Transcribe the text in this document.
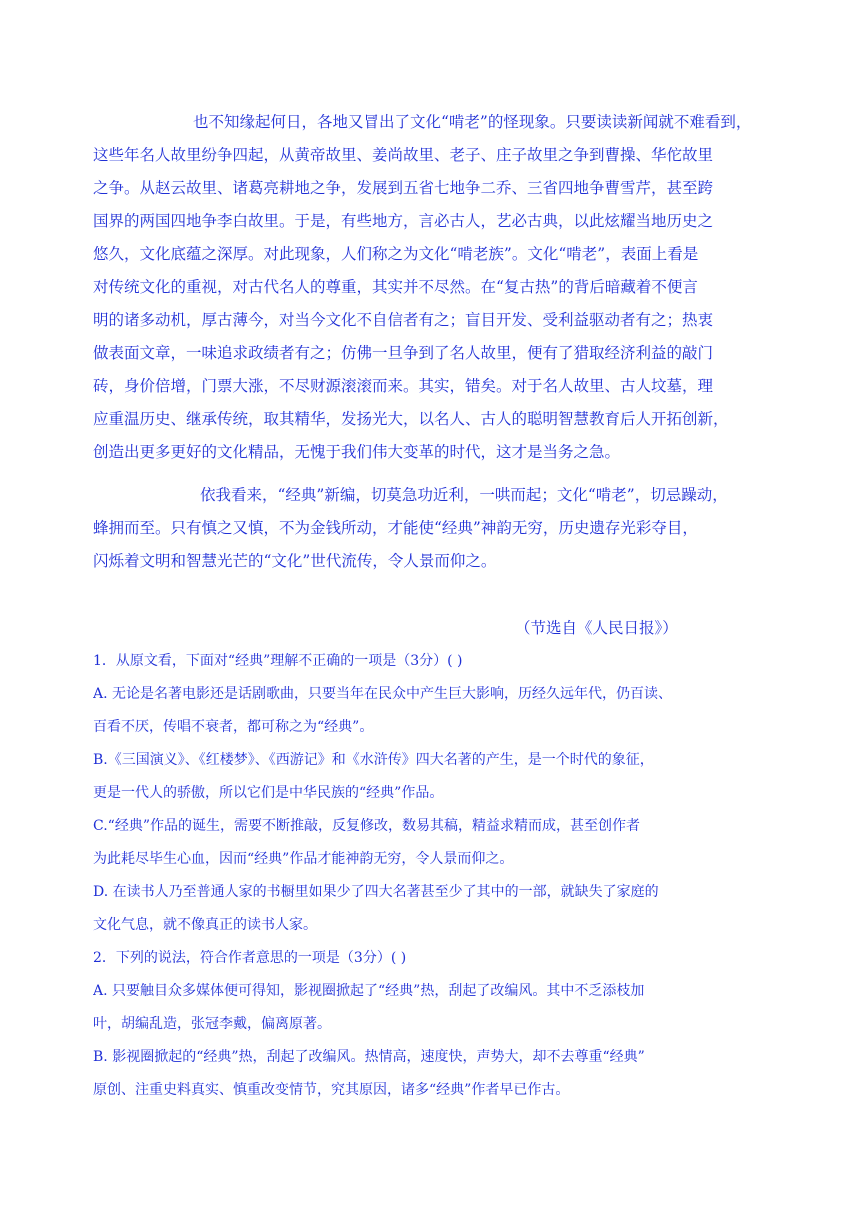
也不知缘起何日，各地又冒出了文化“啃老”的怪现象。只要读读新闻就不难看到，
这些年名人故里纷争四起，从黄帝故里、姜尚故里、老子、庄子故里之争到曹操、华佗故里
之争。从赵云故里、诸葛亮耕地之争，发展到五省七地争二乔、三省四地争曹雪芹，甚至跨
国界的两国四地争李白故里。于是，有些地方，言必古人，艺必古典，以此炫耀当地历史之
悠久，文化底蕴之深厚。对此现象，人们称之为文化“啃老族”。文化“啃老”，表面上看是
对传统文化的重视，对古代名人的尊重，其实并不尽然。在“复古热”的背后暗藏着不便言
明的诸多动机，厚古薄今，对当今文化不自信者有之；盲目开发、受利益驱动者有之；热衷
做表面文章，一味追求政绩者有之；仿佛一旦争到了名人故里，便有了猎取经济利益的敲门
砖，身价倍增，门票大涨，不尽财源滚滚而来。其实，错矣。对于名人故里、古人坟墓，理
应重温历史、继承传统，取其精华，发扬光大，以名人、古人的聪明智慧教育后人开拓创新，
创造出更多更好的文化精品，无愧于我们伟大变革的时代，这才是当务之急。
依我看来，“经典”新编，切莫急功近利，一哄而起；文化“啃老”，切忌躁动，
蜂拥而至。只有慎之又慎，不为金钱所动，才能使“经典”神韵无穷，历史遗存光彩夺目，
闪烁着文明和智慧光芒的“文化”世代流传，令人景而仰之。
（节选自《人民日报》）
1．从原文看，下面对“经典”理解不正确的一项是（3分）( )
A. 无论是名著电影还是话剧歌曲，只要当年在民众中产生巨大影响，历经久远年代，仍百读、
百看不厌，传唱不衰者，都可称之为“经典”。
B.《三国演义》、《红楼梦》、《西游记》和《水浒传》四大名著的产生，是一个时代的象征，
更是一代人的骄傲，所以它们是中华民族的“经典”作品。
C.“经典”作品的诞生，需要不断推敲，反复修改，数易其稿，精益求精而成，甚至创作者
为此耗尽毕生心血，因而“经典”作品才能神韵无穷，令人景而仰之。
D. 在读书人乃至普通人家的书橱里如果少了四大名著甚至少了其中的一部，就缺失了家庭的
文化气息，就不像真正的读书人家。
2．下列的说法，符合作者意思的一项是（3分）( )
A. 只要触目众多媒体便可得知，影视圈掀起了“经典”热，刮起了改编风。其中不乏添枝加
叶，胡编乱造，张冠李戴，偏离原著。
B. 影视圈掀起的“经典”热，刮起了改编风。热情高，速度快，声势大，却不去尊重“经典”
原创、注重史料真实、慎重改变情节，究其原因，诸多“经典”作者早已作古。
